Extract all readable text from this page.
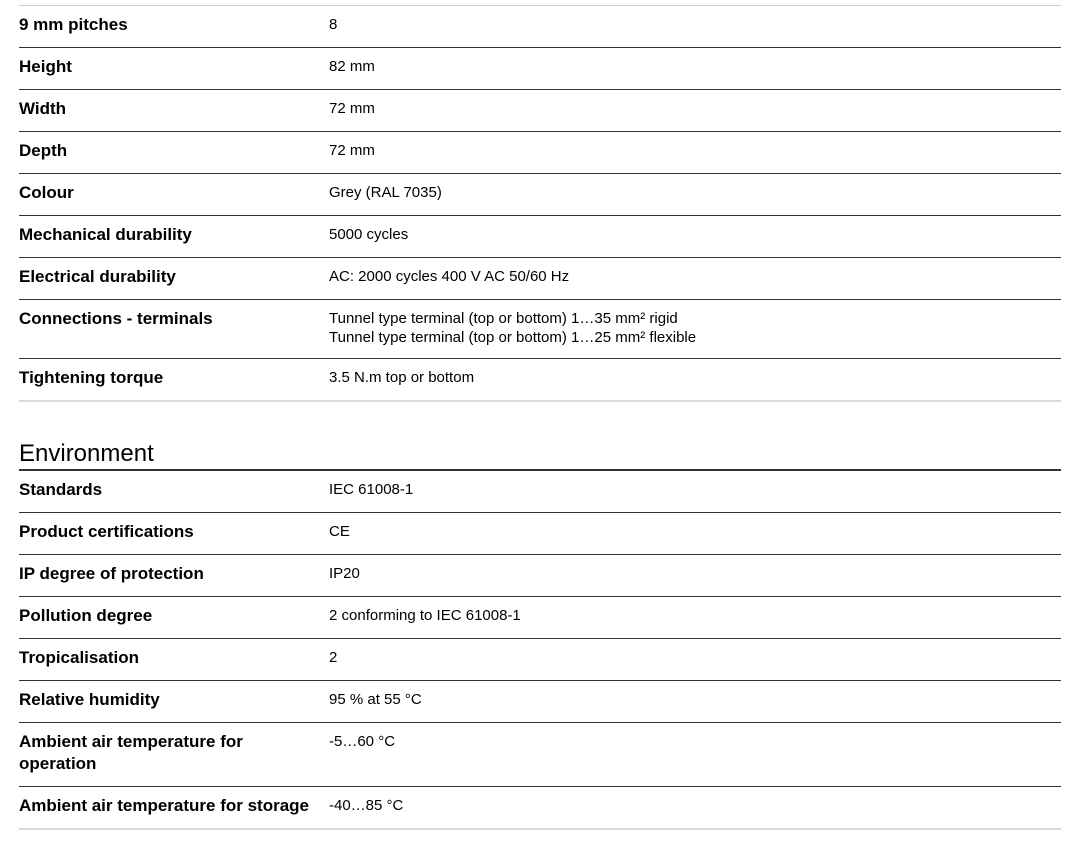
9 mm pitches	8

Height	82 mm

Width	72 mm

Depth	72 mm

Colour	Grey (RAL 7035)

Mechanical durability	5000 cycles

Electrical durability	AC: 2000 cycles 400 V AC 50/60 Hz

Connections - terminals	Tunnel type terminal (top or bottom) 1…35 mm² rigid
Tunnel type terminal (top or bottom) 1…25 mm² flexible

Tightening torque	3.5 N.m top or bottom
Environment
Standards	IEC 61008-1

Product certifications	CE

IP degree of protection	IP20

Pollution degree	2 conforming to IEC 61008-1

Tropicalisation	2

Relative humidity	95 % at 55 °C

Ambient air temperature for operation	-5…60 °C

Ambient air temperature for storage	-40…85 °C
